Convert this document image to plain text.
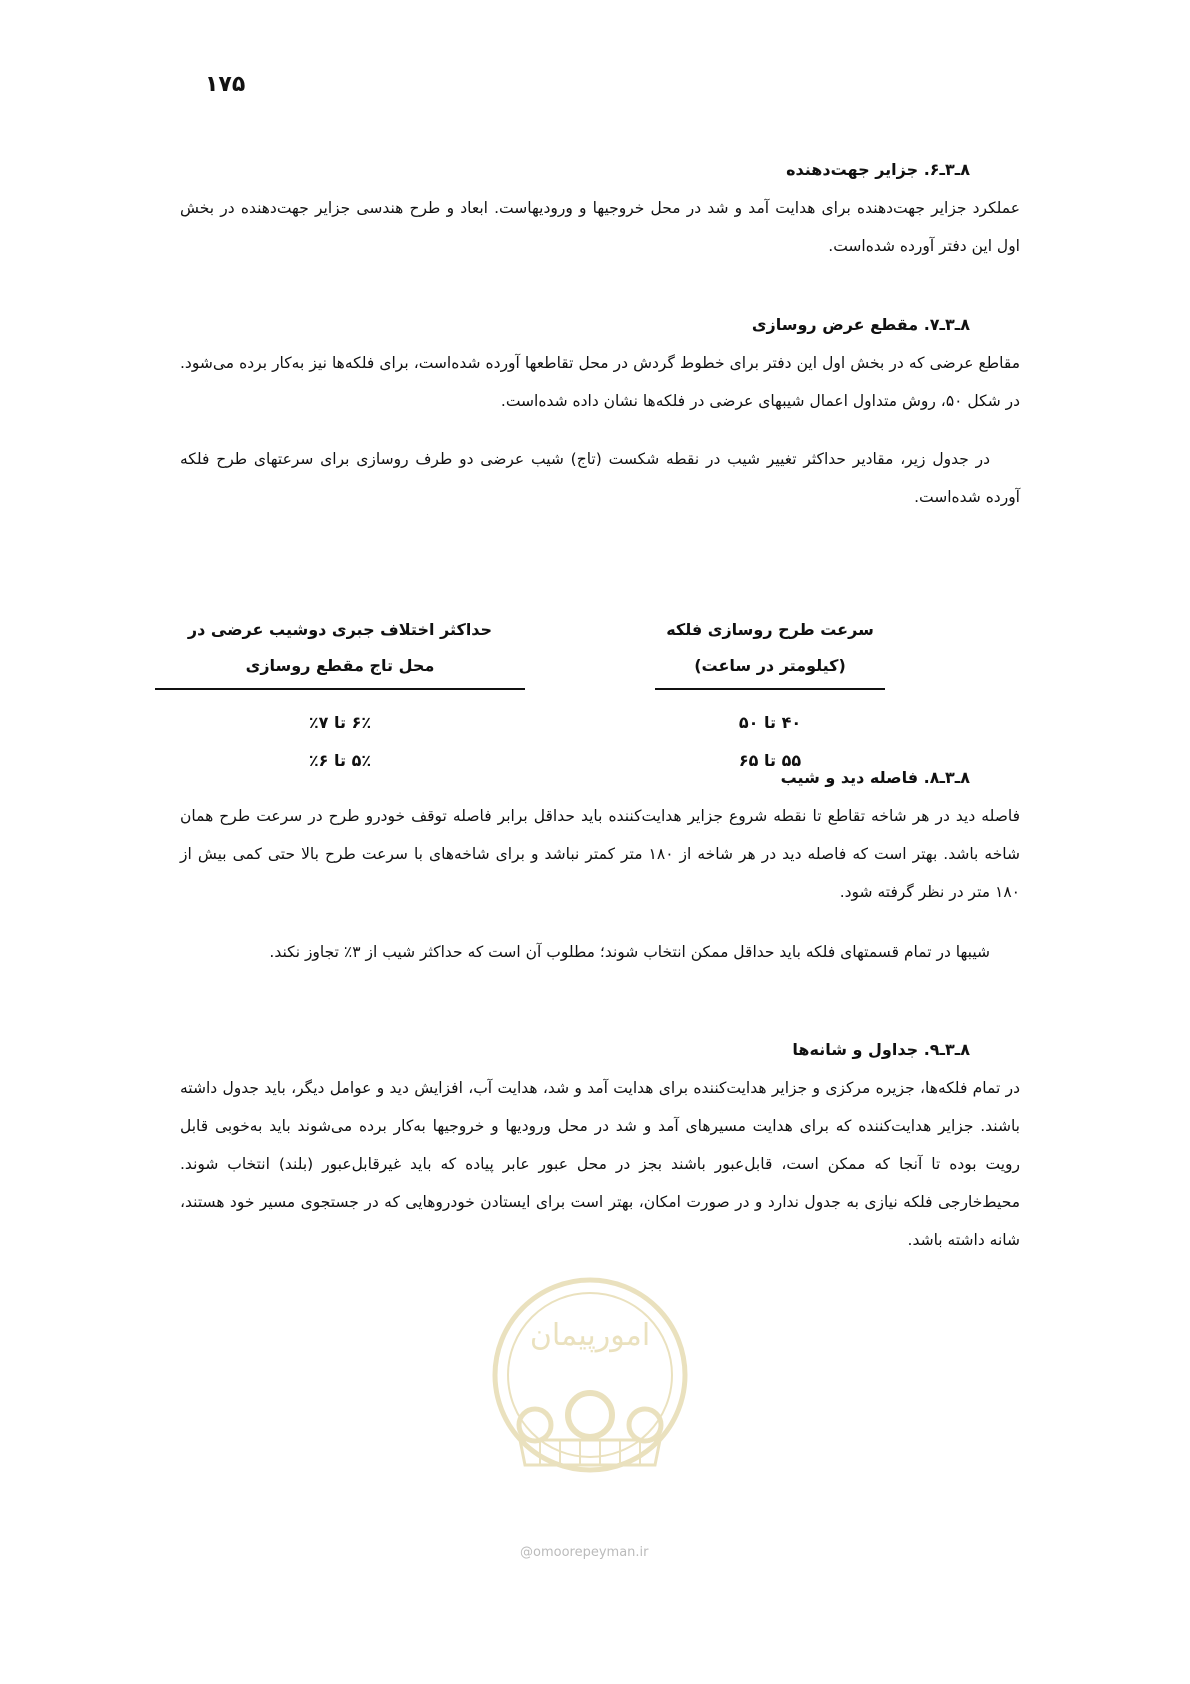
۱۷۵
۸ـ۳ـ۶. جزایر جهت‌دهنده

عملکرد جزایر جهت‌دهنده برای هدایت آمد و شد در محل خروجیها و ورودیهاست. ابعاد و طرح هندسی جزایر جهت‌دهنده در بخش اول این دفتر آورده شده‌است.

۸ـ۳ـ۷. مقطع عرض روسازی

مقاطع عرضی که در بخش اول این دفتر برای خطوط گردش در محل تقاطعها آورده شده‌است، برای فلکه‌ها نیز به‌کار برده می‌شود. در شکل ۵۰، روش متداول اعمال شیبهای عرضی در فلکه‌ها نشان داده شده‌است.

در جدول زیر، مقادیر حداکثر تغییر شیب در نقطه شکست (تاج) شیب عرضی دو طرف روسازی برای سرعتهای طرح فلکه آورده شده‌است.

سرعت طرح روسازی فلکه
(کیلومتر در ساعت)
۴۰ تا ۵۰
۵۵ تا ۶۵
حداکثر اختلاف جبری دوشیب عرضی در
محل تاج مقطع روسازی
۶٪ تا ۷٪
۵٪ تا ۶٪
۸ـ۳ـ۸. فاصله دید و شیب

فاصله دید در هر شاخه تقاطع تا نقطه شروع جزایر هدایت‌کننده باید حداقل برابر فاصله توقف خودرو طرح در سرعت طرح همان شاخه باشد. بهتر است که فاصله دید در هر شاخه از ۱۸۰ متر کمتر نباشد و برای شاخه‌های با سرعت طرح بالا حتی کمی بیش از ۱۸۰ متر در نظر گرفته شود.

شیبها در تمام قسمتهای فلکه باید حداقل ممکن انتخاب شوند؛ مطلوب آن است که حداکثر شیب از ۳٪ تجاوز نکند.

۸ـ۳ـ۹. جداول و شانه‌ها

در تمام فلکه‌ها، جزیره مرکزی و جزایر هدایت‌کننده برای هدایت آمد و شد، هدایت آب، افزایش دید و عوامل دیگر، باید جدول داشته باشند. جزایر هدایت‌کننده که برای هدایت مسیرهای آمد و شد در محل ورودیها و خروجیها به‌کار برده می‌شوند باید به‌خوبی قابل رویت بوده تا آنجا که ممکن است، قابل‌عبور باشند بجز در محل عبور عابر پیاده که باید غیرقابل‌عبور (بلند) انتخاب شوند. محیط‌خارجی فلکه نیازی به جدول ندارد و در صورت امکان، بهتر است برای ایستادن خودروهایی که در جستجوی مسیر خود هستند، شانه داشته باشد.

امورپیمان
@omoorepeyman.ir
